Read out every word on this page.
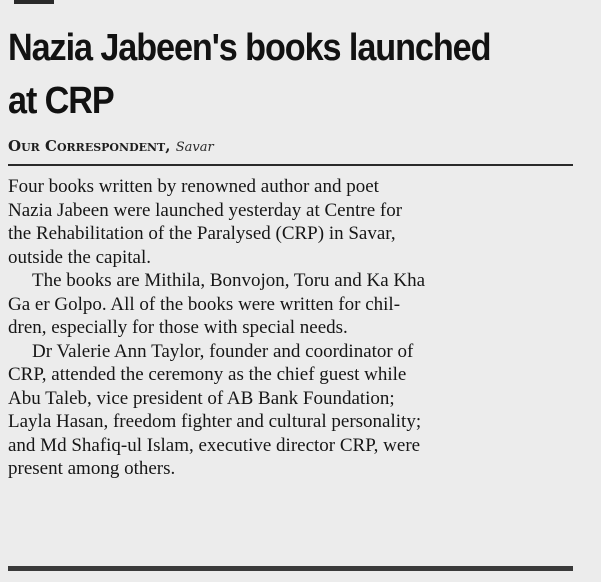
Nazia Jabeen's books launched
at CRP
Our Correspondent, Savar
Four books written by renowned author and poet
Nazia Jabeen were launched yesterday at Centre for
the Rehabilitation of the Paralysed (CRP) in Savar,
outside the capital.
The books are Mithila, Bonvojon, Toru and Ka Kha
Ga er Golpo. All of the books were written for chil-
dren, especially for those with special needs.
Dr Valerie Ann Taylor, founder and coordinator of
CRP, attended the ceremony as the chief guest while
Abu Taleb, vice president of AB Bank Foundation;
Layla Hasan, freedom fighter and cultural personality;
and Md Shafiq-ul Islam, executive director CRP, were
present among others.
